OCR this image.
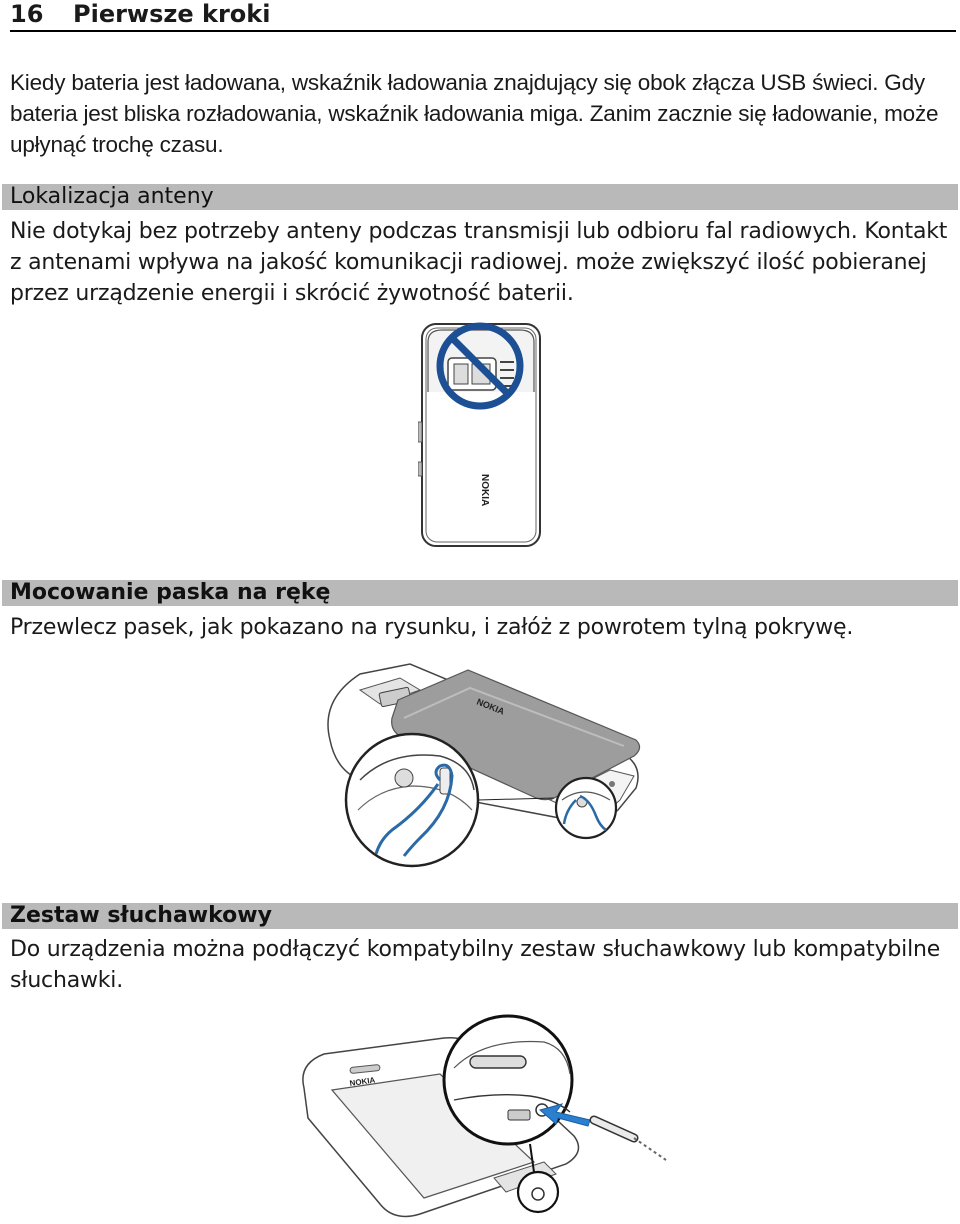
16 Pierwsze kroki

Kiedy bateria jest ładowana, wskaźnik ładowania znajdujący się obok złącza USB świeci. Gdy bateria jest bliska rozładowania, wskaźnik ładowania miga. Zanim zacznie się ładowanie, może upłynąć trochę czasu.

Lokalizacja anteny

Nie dotykaj bez potrzeby anteny podczas transmisji lub odbioru fal radiowych. Kontakt z antenami wpływa na jakość komunikacji radiowej. może zwiększyć ilość pobieranej przez urządzenie energii i skrócić żywotność baterii.

NOKIA
Mocowanie paska na rękę

Przewlecz pasek, jak pokazano na rysunku, i załóż z powrotem tylną pokrywę.

NOKIA
Zestaw słuchawkowy

Do urządzenia można podłączyć kompatybilny zestaw słuchawkowy lub kompatybilne słuchawki.

NOKIA
